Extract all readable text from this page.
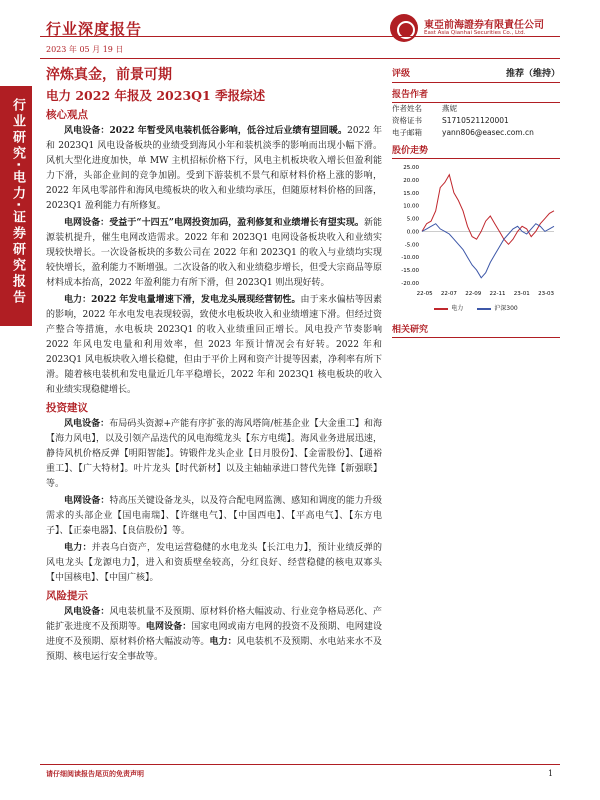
行业深度报告	東亞前海證券有限責任公司
East Asia Qianhai Securities Co., Ltd.
2023 年 05 月 19 日
行业研究·电力·证券研究报告
淬炼真金，前景可期
电力 2022 年报及 2023Q1 季报综述
核心观点

风电设备：2022 年暂受风电装机低谷影响，低谷过后业绩有望回暖。2022 年和 2023Q1 风电设备板块的业绩受到海风小年和装机淡季的影响而出现小幅下滑。风机大型化进度加快，单 MW 主机招标价格下行，风电主机板块收入增长但盈利能力下滑，头部企业间的竞争加剧。受到下游装机不景气和原材料价格上涨的影响，2022 年风电零部件和海风电缆板块的收入和业绩均承压，但随原材料价格的回落，2023Q1 盈利能力有所修复。

电网设备：受益于“十四五”电网投资加码，盈利修复和业绩增长有望实现。新能源装机提升，催生电网改造需求。2022 年和 2023Q1 电网设备板块收入和业绩实现较快增长。一次设备板块的多数公司在 2022 年和 2023Q1 的收入与业绩均实现较快增长，盈利能力不断增强。二次设备的收入和业绩稳步增长，但受大宗商品等原材料成本抬高，2022 年盈利能力有所下滑，但 2023Q1 则出现好转。

电力：2022 年发电量增速下滑，发电龙头展现经营韧性。由于来水偏枯等因素的影响，2022 年水电发电表现较弱，致使水电板块收入和业绩增速下滑。但经过资产整合等措施，水电板块 2023Q1 的收入业绩重回正增长。风电投产节奏影响 2022 年风电发电量和利用效率，但 2023 年预计情况会有好转。2022 年和 2023Q1 风电板块收入增长稳健，但由于平价上网和资产计提等因素，净利率有所下滑。随着核电装机和发电量近几年平稳增长，2022 年和 2023Q1 核电板块的收入和业绩实现稳健增长。

投资建议

风电设备：布局码头资源+产能有序扩张的海风塔筒/桩基企业【大金重工】和海【海力风电】，以及引领产品迭代的风电海缆龙头【东方电缆】。海风业务进展迅速，静待风机价格反弹【明阳智能】。铸锻件龙头企业【日月股份】、【金雷股份】、【通裕重工】、【广大特材】。叶片龙头【时代新材】以及主轴轴承进口替代先锋【新强联】等。

电网设备：特高压关键设备龙头，以及符合配电网监测、感知和调度的能力升级需求的头部企业【国电南瑞】、【许继电气】、【中国西电】、【平高电气】、【东方电子】、【正泰电器】、【良信股份】等。

电力：并表乌白资产，发电运营稳健的水电龙头【长江电力】，预计业绩反弹的风电龙头【龙源电力】，进入和资质壁垒较高，分红良好、经营稳健的核电双寡头【中国核电】、【中国广核】。

风险提示

风电设备：风电装机量不及预期、原材料价格大幅波动、行业竞争格局恶化、产能扩张进度不及预期等。电网设备：国家电网或南方电网的投资不及预期、电网建设进度不及预期、原材料价格大幅波动等。电力：风电装机不及预期、水电站来水不及预期、核电运行安全事故等。

评级	推荐（维持）
报告作者
作者姓名	燕妮
资格证书	S1710521120001
电子邮箱	yann806@easec.com.cn
股价走势
25.00
20.00
15.00
10.00
5.00
0.00
-5.00
-10.00
-15.00
-20.00
22-05 22-07 22-09 22-11 23-01 23-03
电力	沪深300
相关研究
请仔细阅读报告尾页的免责声明	1
